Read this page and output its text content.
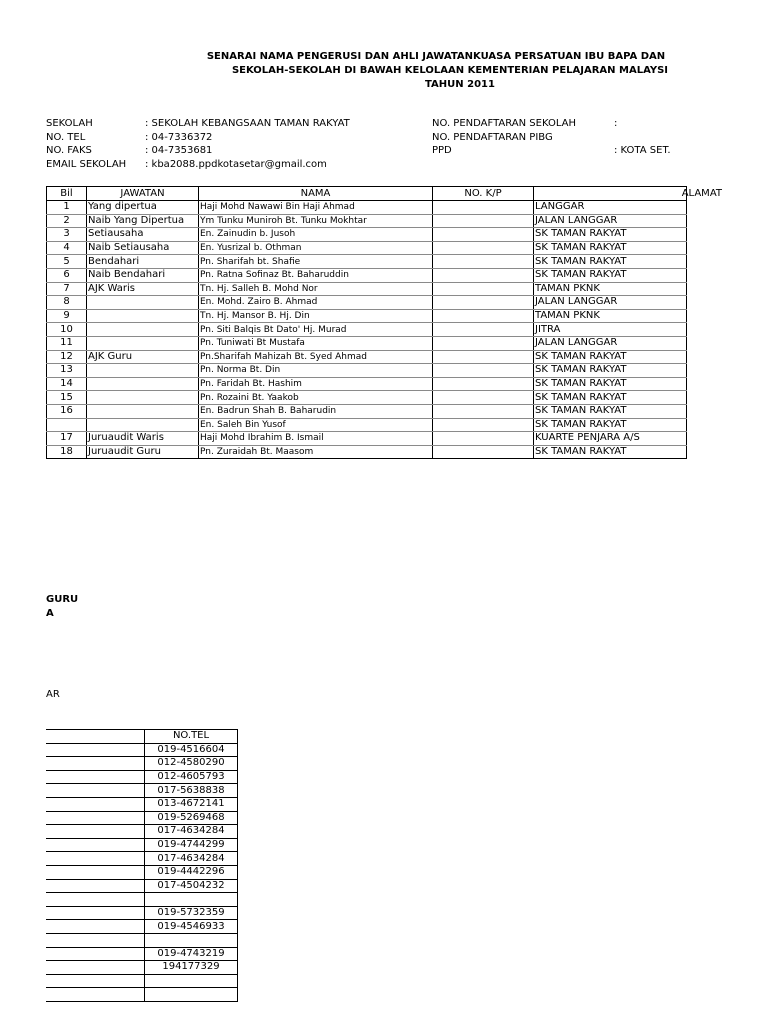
SENARAI NAMA PENGERUSI DAN AHLI JAWATANKUASA PERSATUAN IBU BAPA DAN
SEKOLAH-SEKOLAH DI BAWAH KELOLAAN KEMENTERIAN PELAJARAN MALAYSI
TAHUN 2011
SEKOLAH	: SEKOLAH KEBANGSAAN TAMAN RAKYAT
NO. TEL	: 04-7336372
NO. FAKS	: 04-7353681
EMAIL SEKOLAH : kba2088.ppdkotasetar@gmail.com
NO. PENDAFTARAN SEKOLAH	:
NO. PENDAFTARAN PIBG
PPD	: KOTA SET.
Bil	JAWATAN	NAMA	NO. K/P	ALAMAT
1	Yang dipertua	Haji Mohd Nawawi Bin Haji Ahmad		LANGGAR
2	Naib Yang Dipertua	Ym Tunku Muniroh Bt. Tunku Mokhtar		JALAN LANGGAR
3	Setiausaha	En. Zainudin b. Jusoh		SK TAMAN RAKYAT
4	Naib Setiausaha	En. Yusrizal b. Othman		SK TAMAN RAKYAT
5	Bendahari	Pn. Sharifah bt. Shafie		SK TAMAN RAKYAT
6	Naib Bendahari	Pn. Ratna Sofinaz Bt. Baharuddin		SK TAMAN RAKYAT
7	AJK Waris	Tn. Hj. Salleh B. Mohd Nor		TAMAN PKNK
8		En. Mohd. Zairo B. Ahmad		JALAN LANGGAR
9		Tn. Hj. Mansor B. Hj. Din		TAMAN PKNK
10		Pn. Siti Balqis Bt Dato' Hj. Murad		JITRA
11		Pn. Tuniwati Bt Mustafa		JALAN LANGGAR
12	AJK Guru	Pn.Sharifah Mahizah Bt. Syed Ahmad		SK TAMAN RAKYAT
13		Pn. Norma Bt. Din		SK TAMAN RAKYAT
14		Pn. Faridah Bt. Hashim		SK TAMAN RAKYAT
15		Pn. Rozaini Bt. Yaakob		SK TAMAN RAKYAT
16		En. Badrun Shah B. Baharudin		SK TAMAN RAKYAT
		En. Saleh Bin Yusof		SK TAMAN RAKYAT
17	Juruaudit Waris	Haji Mohd Ibrahim B. Ismail		KUARTE PENJARA A/S
18	Juruaudit Guru	Pn. Zuraidah Bt. Maasom		SK TAMAN RAKYAT
GURU
A
AR
	NO.TEL
	019-4516604
	012-4580290
	012-4605793
	017-5638838
	013-4672141
	019-5269468
	017-4634284
	019-4744299
	017-4634284
	019-4442296
	017-4504232

	019-5732359
	019-4546933

	019-4743219
	194177329
